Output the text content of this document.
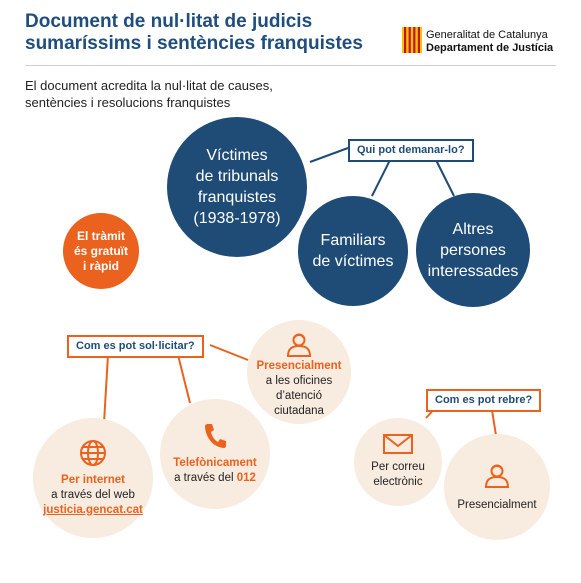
Document de nul·litat de judicis
sumaríssims i sentències franquistes	Generalitat de Catalunya
Departament de Justícia
El document acredita la nul·litat de causes,
sentències i resolucions franquistes
Víctimes
de tribunals
franquistes
(1938-1978)
Qui pot demanar-lo?
Familiars
de víctimes
Altres
persones
interessades
El tràmit
és gratuït
i ràpid
Com es pot sol·licitar?
Presencialment
a les oficines
d’atenció
ciutadana
Telefònicament
a través del 012
Per internet
a través del web
justicia.gencat.cat
Com es pot rebre?
Per correu
electrònic
Presencialment
